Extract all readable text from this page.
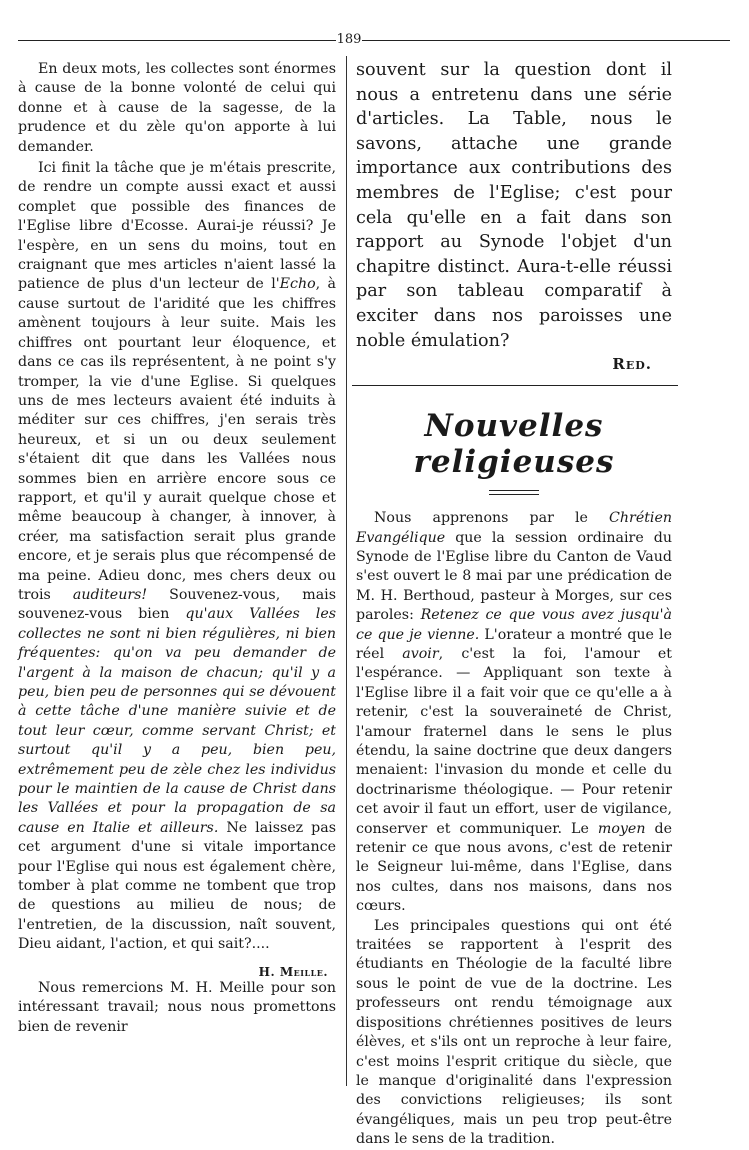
189

En deux mots, les collectes sont énormes à cause de la bonne volonté de celui qui donne et à cause de la sagesse, de la prudence et du zèle qu'on apporte à lui demander.

Ici finit la tâche que je m'étais prescrite, de rendre un compte aussi exact et aussi complet que possible des finances de l'Eglise libre d'Ecosse. Aurai-je réussi? Je l'espère, en un sens du moins, tout en craignant que mes articles n'aient lassé la patience de plus d'un lecteur de l'Echo, à cause surtout de l'aridité que les chiffres amènent toujours à leur suite. Mais les chiffres ont pourtant leur éloquence, et dans ce cas ils représentent, à ne point s'y tromper, la vie d'une Eglise. Si quelques uns de mes lecteurs avaient été induits à méditer sur ces chiffres, j'en serais très heureux, et si un ou deux seulement s'étaient dit que dans les Vallées nous sommes bien en arrière encore sous ce rapport, et qu'il y aurait quelque chose et même beaucoup à changer, à innover, à créer, ma satisfaction serait plus grande encore, et je serais plus que récompensé de ma peine. Adieu donc, mes chers deux ou trois auditeurs! Souvenez-vous, mais souvenez-vous bien qu'aux Vallées les collectes ne sont ni bien régulières, ni bien fréquentes: qu'on va peu demander de l'argent à la maison de chacun; qu'il y a peu, bien peu de personnes qui se dévouent à cette tâche d'une manière suivie et de tout leur cœur, comme servant Christ; et surtout qu'il y a peu, bien peu, extrêmement peu de zèle chez les individus pour le maintien de la cause de Christ dans les Vallées et pour la propagation de sa cause en Italie et ailleurs. Ne laissez pas cet argument d'une si vitale importance pour l'Eglise qui nous est également chère, tomber à plat comme ne tombent que trop de questions au milieu de nous; de l'entretien, de la discussion, naît souvent, Dieu aidant, l'action, et qui sait?....

H. Meille.

Nous remercions M. H. Meille pour son intéressant travail; nous nous promettons bien de revenir

souvent sur la question dont il nous a entretenu dans une série d'articles. La Table, nous le savons, attache une grande importance aux contributions des membres de l'Eglise; c'est pour cela qu'elle en a fait dans son rapport au Synode l'objet d'un chapitre distinct. Aura-t-elle réussi par son tableau comparatif à exciter dans nos paroisses une noble émulation?

Red.
Nouvelles religieuses

Nous apprenons par le Chrétien Evangélique que la session ordinaire du Synode de l'Eglise libre du Canton de Vaud s'est ouvert le 8 mai par une prédication de M. H. Berthoud, pasteur à Morges, sur ces paroles: Retenez ce que vous avez jusqu'à ce que je vienne. L'orateur a montré que le réel avoir, c'est la foi, l'amour et l'espérance. — Appliquant son texte à l'Eglise libre il a fait voir que ce qu'elle a à retenir, c'est la souveraineté de Christ, l'amour fraternel dans le sens le plus étendu, la saine doctrine que deux dangers menaient: l'invasion du monde et celle du doctrinarisme théologique. — Pour retenir cet avoir il faut un effort, user de vigilance, conserver et communiquer. Le moyen de retenir ce que nous avons, c'est de retenir le Seigneur lui-même, dans l'Eglise, dans nos cultes, dans nos maisons, dans nos cœurs.

Les principales questions qui ont été traitées se rapportent à l'esprit des étudiants en Théologie de la faculté libre sous le point de vue de la doctrine. Les professeurs ont rendu témoignage aux dispositions chrétiennes positives de leurs élèves, et s'ils ont un reproche à leur faire, c'est moins l'esprit critique du siècle, que le manque d'originalité dans l'expression des convictions religieuses; ils sont évangéliques, mais un peu trop peut-être dans le sens de la tradition.
